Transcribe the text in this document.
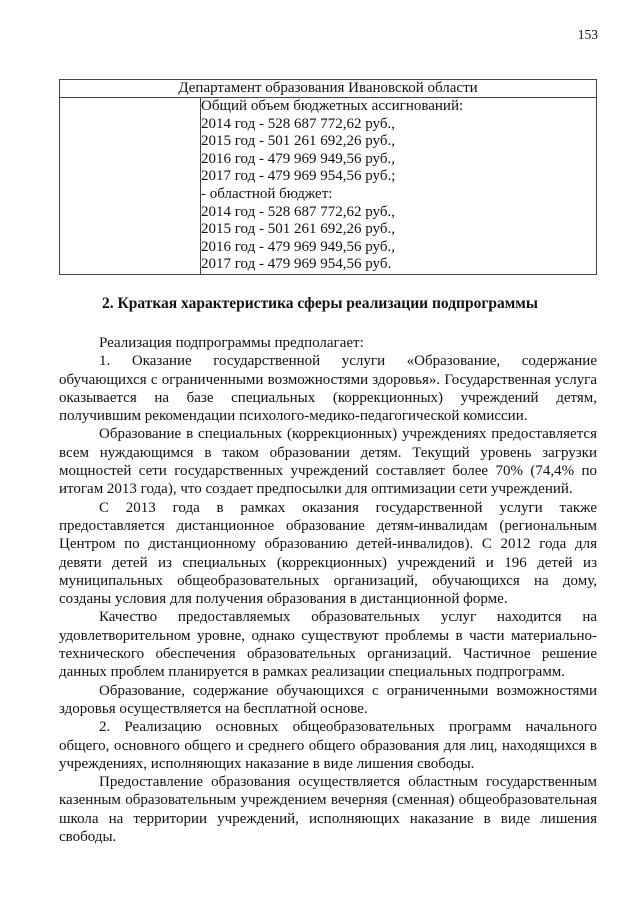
153
Департамент образования Ивановской области

Общий объем бюджетных ассигнований:
2014 год - 528 687 772,62 руб.,
2015 год - 501 261 692,26 руб.,
2016 год - 479 969 949,56 руб.,
2017 год - 479 969 954,56 руб.;
- областной бюджет:
2014 год - 528 687 772,62 руб.,
2015 год - 501 261 692,26 руб.,
2016 год - 479 969 949,56 руб.,
2017 год - 479 969 954,56 руб.
2. Краткая характеристика сферы реализации подпрограммы

Реализация подпрограммы предполагает:

1. Оказание государственной услуги «Образование, содержание обучающихся с ограниченными возможностями здоровья». Государственная услуга оказывается на базе специальных (коррекционных) учреждений детям, получившим рекомендации психолого-медико-педагогической комиссии.

Образование в специальных (коррекционных) учреждениях предоставляется всем нуждающимся в таком образовании детям. Текущий уровень загрузки мощностей сети государственных учреждений составляет более 70% (74,4% по итогам 2013 года), что создает предпосылки для оптимизации сети учреждений.

С 2013 года в рамках оказания государственной услуги также предоставляется дистанционное образование детям-инвалидам (региональным Центром по дистанционному образованию детей-инвалидов). С 2012 года для девяти детей из специальных (коррекционных) учреждений и 196 детей из муниципальных общеобразовательных организаций, обучающихся на дому, созданы условия для получения образования в дистанционной форме.

Качество предоставляемых образовательных услуг находится на удовлетворительном уровне, однако существуют проблемы в части материально-технического обеспечения образовательных организаций. Частичное решение данных проблем планируется в рамках реализации специальных подпрограмм.

Образование, содержание обучающихся с ограниченными возможностями здоровья осуществляется на бесплатной основе.

2. Реализацию основных общеобразовательных программ начального общего, основного общего и среднего общего образования для лиц, находящихся в учреждениях, исполняющих наказание в виде лишения свободы.

Предоставление образования осуществляется областным государственным казенным образовательным учреждением вечерняя (сменная) общеобразовательная школа на территории учреждений, исполняющих наказание в виде лишения свободы.
